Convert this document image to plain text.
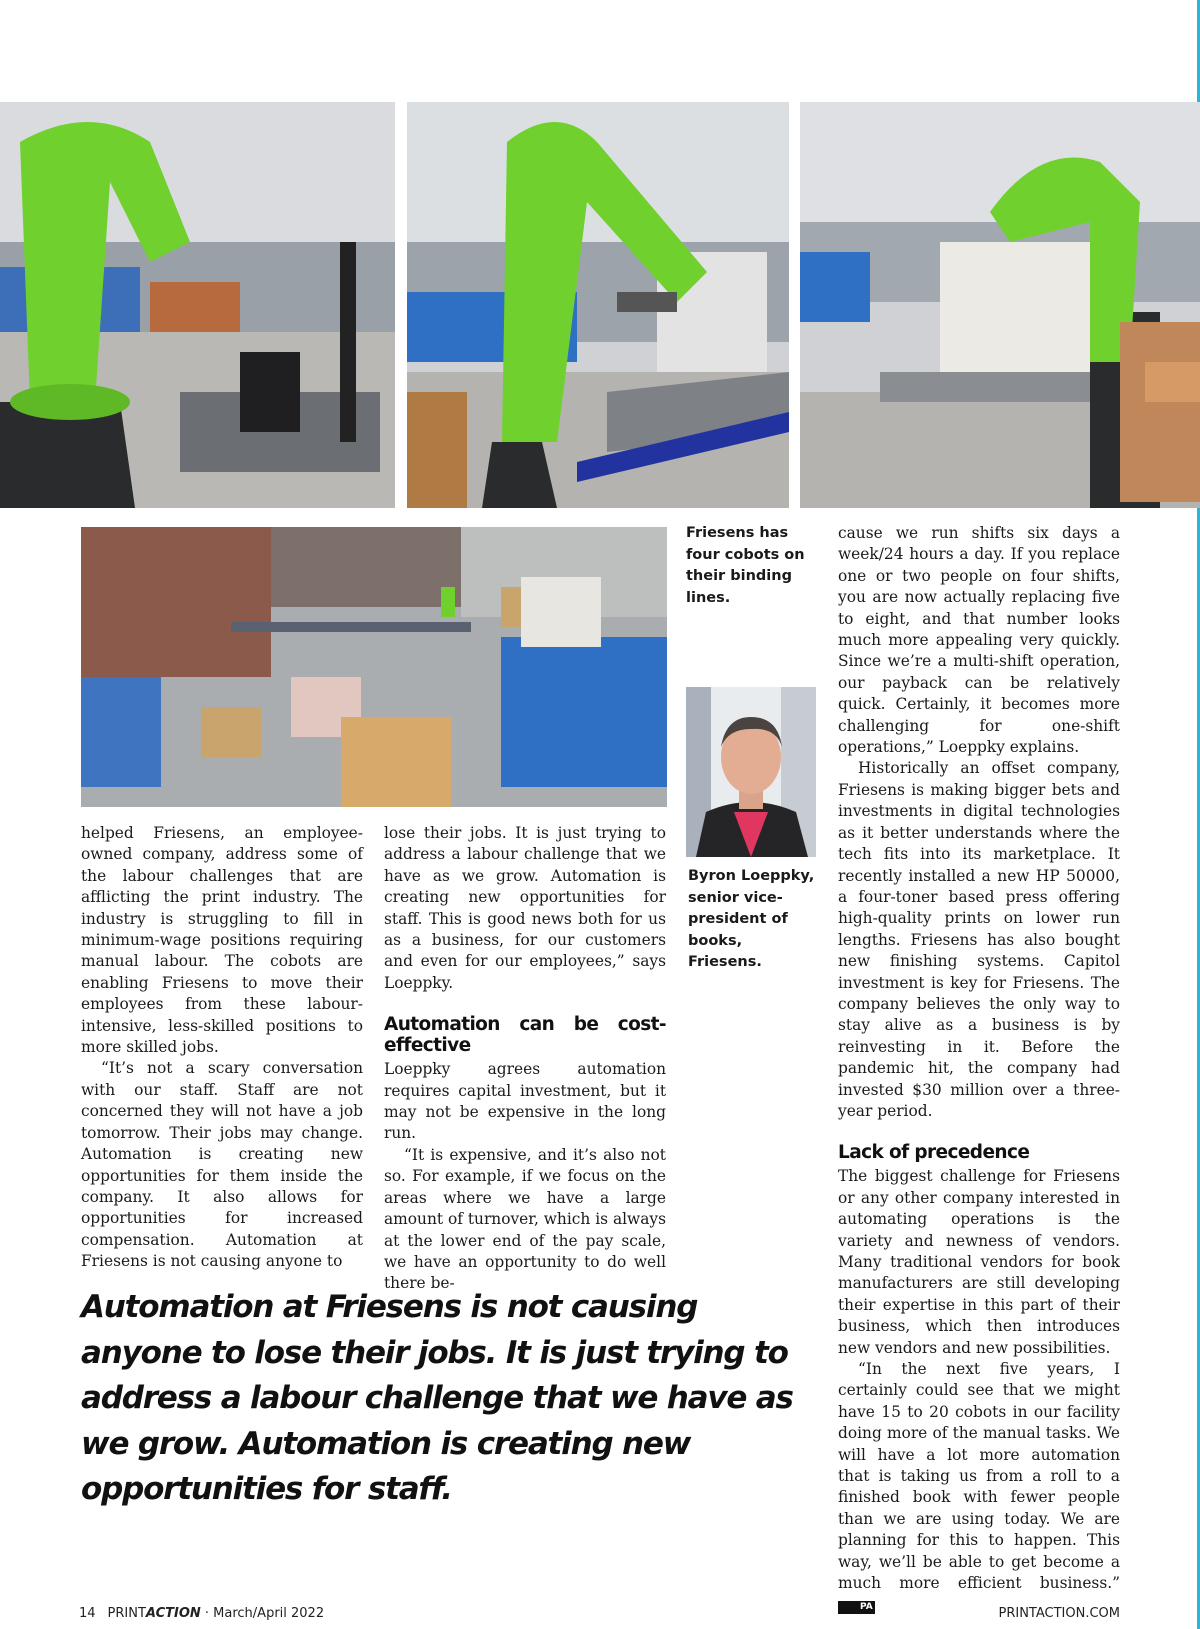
Friesens has four cobots on their binding lines.

Byron Loeppky, senior vice-president of books, Friesens.

helped Friesens, an employee-owned company, address some of the labour challenges that are afflicting the print industry. The industry is struggling to fill in minimum-wage positions requiring manual labour. The cobots are enabling Friesens to move their employees from these labour-intensive, less-skilled positions to more skilled jobs.

“It’s not a scary conversation with our staff. Staff are not concerned they will not have a job tomorrow. Their jobs may change. Automation is creating new opportunities for them inside the company. It also allows for opportunities for increased compensation. Automation at Friesens is not causing anyone to

lose their jobs. It is just trying to address a labour challenge that we have as we grow. Automation is creating new opportunities for staff. This is good news both for us as a business, for our customers and even for our employees,” says Loeppky.

Automation can be cost-effective

Loeppky agrees automation requires capital investment, but it may not be expensive in the long run.

“It is expensive, and it’s also not so. For example, if we focus on the areas where we have a large amount of turnover, which is always at the lower end of the pay scale, we have an opportunity to do well there be-

cause we run shifts six days a week/24 hours a day. If you replace one or two people on four shifts, you are now actually replacing five to eight, and that number looks much more appealing very quickly. Since we’re a multi-shift operation, our payback can be relatively quick. Certainly, it becomes more challenging for one-shift operations,” Loeppky explains.

Historically an offset company, Friesens is making bigger bets and investments in digital technologies as it better understands where the tech fits into its marketplace. It recently installed a new HP 50000, a four-toner based press offering high-quality prints on lower run lengths. Friesens has also bought new finishing systems. Capitol investment is key for Friesens. The company believes the only way to stay alive as a business is by reinvesting in it. Before the pandemic hit, the company had invested $30 million over a three-year period.

Lack of precedence

The biggest challenge for Friesens or any other company interested in automating operations is the variety and newness of vendors. Many traditional vendors for book manufacturers are still developing their expertise in this part of their business, which then introduces new vendors and new possibilities.

“In the next five years, I certainly could see that we might have 15 to 20 cobots in our facility doing more of the manual tasks. We will have a lot more automation that is taking us from a roll to a finished book with fewer people than we are using today. We are planning for this to happen. This way, we’ll be able to get become a much more efficient business.” PA

Automation at Friesens is not causing anyone to lose their jobs. It is just trying to address a labour challenge that we have as we grow. Automation is creating new opportunities for staff.

14 PRINTACTION · March/April 2022	PRINTACTION.COM
